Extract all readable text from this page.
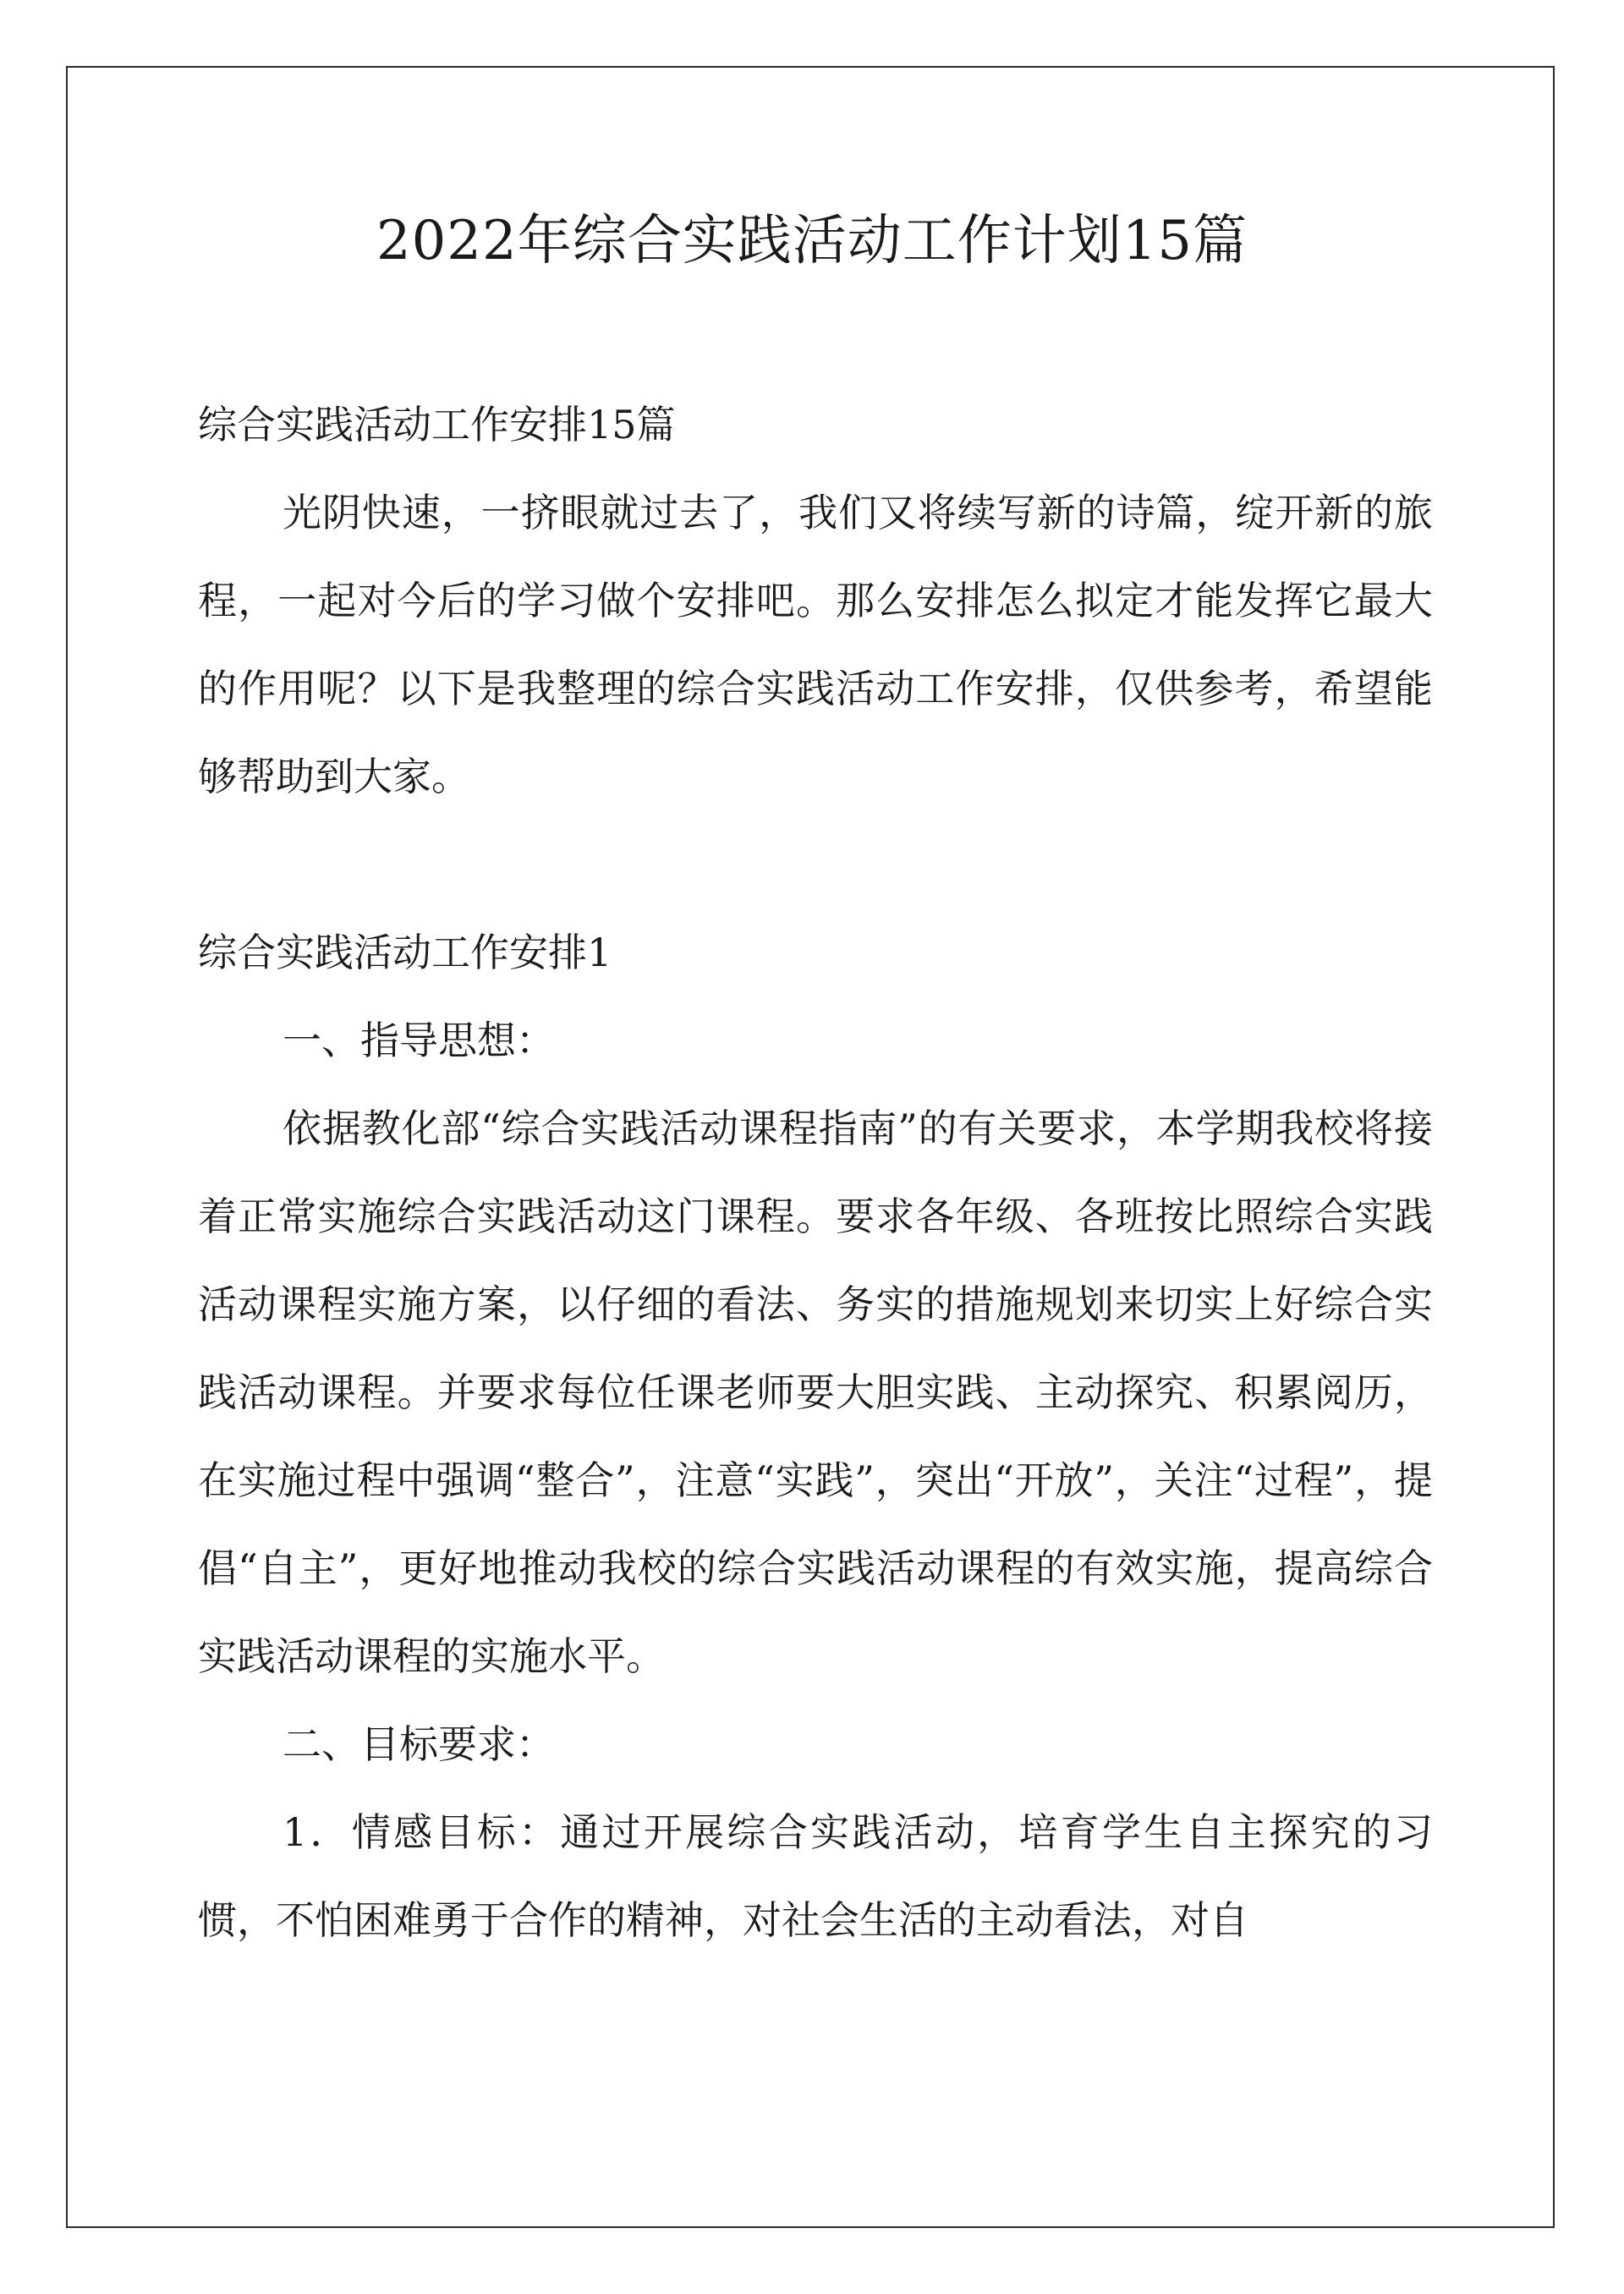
2022年综合实践活动工作计划15篇

综合实践活动工作安排15篇

光阴快速，一挤眼就过去了，我们又将续写新的诗篇，绽开新的旅程，一起对今后的学习做个安排吧。那么安排怎么拟定才能发挥它最大的作用呢？以下是我整理的综合实践活动工作安排，仅供参考，希望能够帮助到大家。

综合实践活动工作安排1

一、指导思想：

依据教化部“综合实践活动课程指南”的有关要求，本学期我校将接着正常实施综合实践活动这门课程。要求各年级、各班按比照综合实践活动课程实施方案，以仔细的看法、务实的措施规划来切实上好综合实践活动课程。并要求每位任课老师要大胆实践、主动探究、积累阅历，在实施过程中强调“整合”，注意“实践”，突出“开放”，关注“过程”，提倡“自主”，更好地推动我校的综合实践活动课程的有效实施，提高综合实践活动课程的实施水平。

二、目标要求：

1．情感目标：通过开展综合实践活动，培育学生自主探究的习惯，不怕困难勇于合作的精神，对社会生活的主动看法，对自
